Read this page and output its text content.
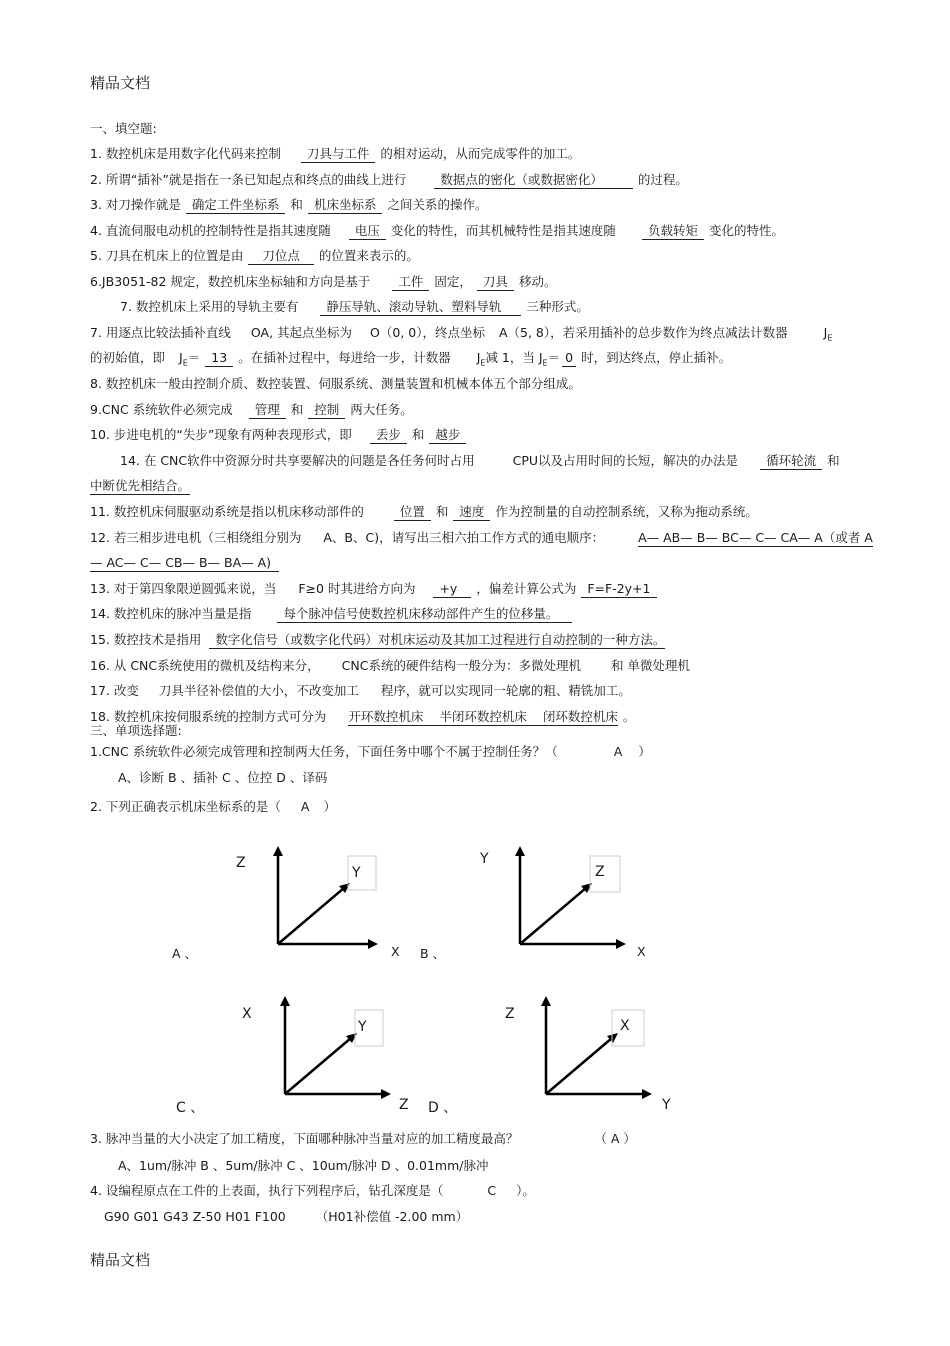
精品文档
一、填空题:
1. 数控机床是用数字化代码来控制 刀具与工件 的相对运动，从而完成零件的加工。
2. 所谓“插补”就是指在一条已知起点和终点的曲线上进行	数据点的密化（或数据密化）	的过程。
3. 对刀操作就是 确定工件坐标系 和 机床坐标系 之间关系的操作。
4. 直流伺服电动机的控制特性是指其速度随 电压 变化的特性，而其机械特性是指其速度随	负载转矩 变化的特性。
5. 刀具在机床上的位置是由 刀位点 的位置来表示的。
6.JB3051-82 规定，数控机床坐标轴和方向是基于 工件 固定， 刀具 移动。
7. 数控机床上采用的导轨主要有 静压导轨、滚动导轨、塑料导轨 三种形式。
7. 用逐点比较法插补直线 OA, 其起点坐标为 O（0, 0），终点坐标 A（5, 8），若采用插补的总步数作为终点减法计数器	$J_E$
的初始值，即 $J_E= 13$ 。在插补过程中，每进给一步，计数器 $J_E$减 1，当 $J_E= 0$ 时，到达终点，停止插补。
8. 数控机床一般由控制介质、数控装置、伺服系统、测量装置和机械本体五个部分组成。
9.CNC 系统软件必须完成 管理 和 控制 两大任务。
10. 步进电机的“失步”现象有两种表现形式，即 丢步 和 越步
14. 在 CNC软件中资源分时共享要解决的问题是各任务何时占用	CPU以及占用时间的长短，解决的办法是 循环轮流 和
中断优先相结合。
11. 数控机床伺服驱动系统是指以机床移动部件的	位置 和 速度 作为控制量的自动控制系统，又称为拖动系统。
12. 若三相步进电机（三相绕组分别为 A、B、C)，请写出三相六拍工作方式的通电顺序：	A— AB— B— BC— C— CA— A（或者 A
— AC— C— CB— B— BA— A)
13. 对于第四象限逆圆弧来说，当 F≥0 时其进给方向为 +y ，偏差计算公式为 F=F-2y+1
14. 数控机床的脉冲当量是指	每个脉冲信号使数控机床移动部件产生的位移量。
15. 数控技术是指用 数字化信号（或数字化代码）对机床运动及其加工过程进行自动控制的一种方法。
16. 从 CNC系统使用的微机及结构来分， CNC系统的硬件结构一般分为：多微处理机 和 单微处理机
17. 改变 刀具半径补偿值的大小，不改变加工 程序，就可以实现同一轮廓的粗、精铣加工。
18. 数控机床按伺服系统的控制方式可分为 开环数控机床 半闭环数控机床 闭环数控机床 。
三、单项选择题:
1.CNC 系统软件必须完成管理和控制两大任务，下面任务中哪个不属于控制任务？（	A ）
A、诊断 B 、插补 C 、位控 D 、译码
2. 下列正确表示机床坐标系的是（ A ）
A 、
Z
X
Y
B 、
Y
X
Z
C 、
X
Z
Y
D 、
Z
Y
X
3. 脉冲当量的大小决定了加工精度，下面哪种脉冲当量对应的加工精度最高？	（ A ）
A、1um/脉冲 B 、5um/脉冲 C 、10um/脉冲 D 、0.01mm/脉冲
4. 设编程原点在工件的上表面，执行下列程序后，钻孔深度是（	C ）。
G90 G01 G43 Z-50 H01 F100 （H01补偿值 -2.00 mm）
精品文档
